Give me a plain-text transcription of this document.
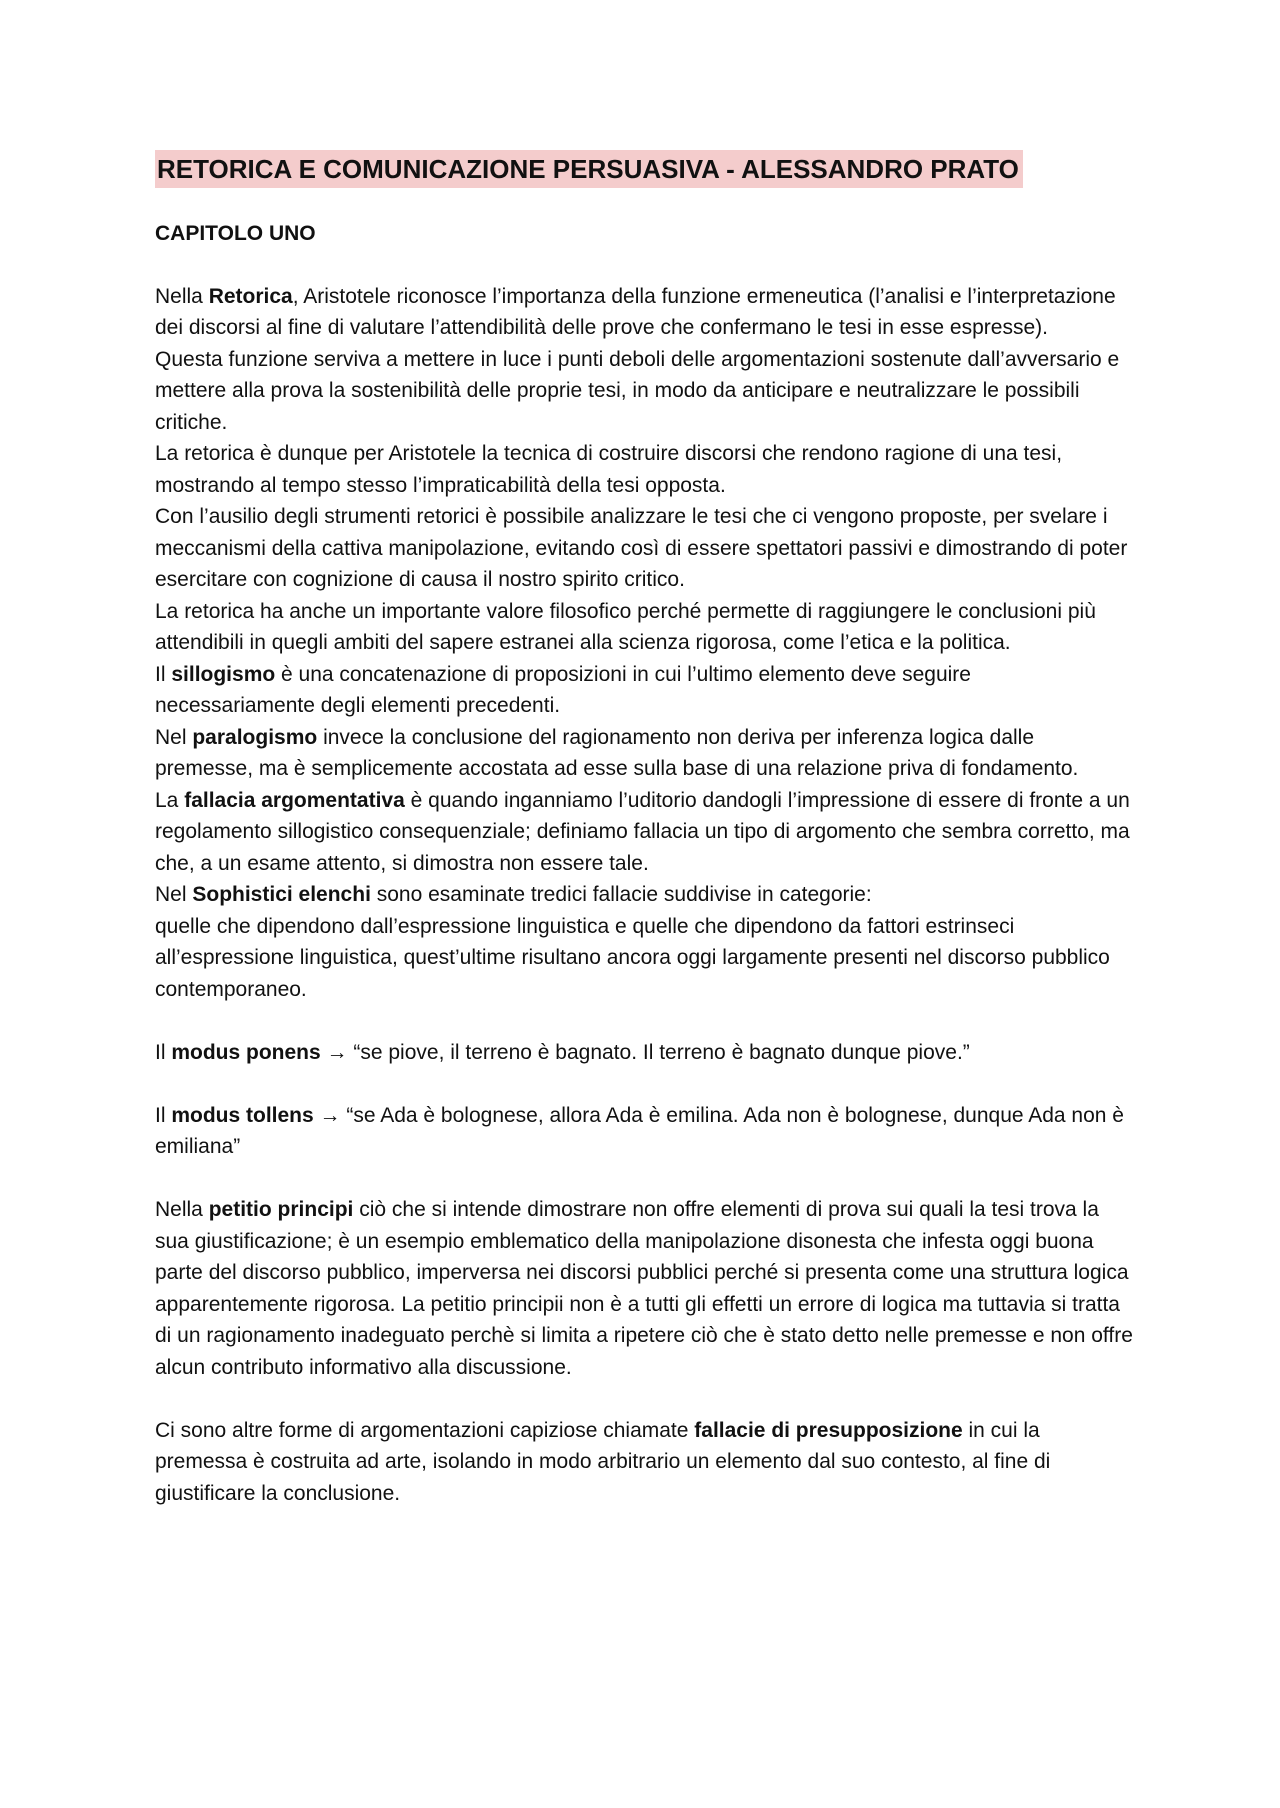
RETORICA E COMUNICAZIONE PERSUASIVA - ALESSANDRO PRATO
CAPITOLO UNO

Nella Retorica, Aristotele riconosce l’importanza della funzione ermeneutica (l’analisi e l’interpretazione dei discorsi al fine di valutare l’attendibilità delle prove che confermano le tesi in esse espresse).

Questa funzione serviva a mettere in luce i punti deboli delle argomentazioni sostenute dall’avversario e mettere alla prova la sostenibilità delle proprie tesi, in modo da anticipare e neutralizzare le possibili critiche.

La retorica è dunque per Aristotele la tecnica di costruire discorsi che rendono ragione di una tesi, mostrando al tempo stesso l’impraticabilità della tesi opposta.

Con l’ausilio degli strumenti retorici è possibile analizzare le tesi che ci vengono proposte, per svelare i meccanismi della cattiva manipolazione, evitando così di essere spettatori passivi e dimostrando di poter esercitare con cognizione di causa il nostro spirito critico.

La retorica ha anche un importante valore filosofico perché permette di raggiungere le conclusioni più attendibili in quegli ambiti del sapere estranei alla scienza rigorosa, come l’etica e la politica.

Il sillogismo è una concatenazione di proposizioni in cui l’ultimo elemento deve seguire necessariamente degli elementi precedenti.

Nel paralogismo invece la conclusione del ragionamento non deriva per inferenza logica dalle premesse, ma è semplicemente accostata ad esse sulla base di una relazione priva di fondamento.

La fallacia argomentativa è quando inganniamo l’uditorio dandogli l’impressione di essere di fronte a un regolamento sillogistico consequenziale; definiamo fallacia un tipo di argomento che sembra corretto, ma che, a un esame attento, si dimostra non essere tale.

Nel Sophistici elenchi sono esaminate tredici fallacie suddivise in categorie:

quelle che dipendono dall’espressione linguistica e quelle che dipendono da fattori estrinseci all’espressione linguistica, quest’ultime risultano ancora oggi largamente presenti nel discorso pubblico contemporaneo.

Il modus ponens → “se piove, il terreno è bagnato. Il terreno è bagnato dunque piove.”

Il modus tollens → “se Ada è bolognese, allora Ada è emilina. Ada non è bolognese, dunque Ada non è emiliana”

Nella petitio principi ciò che si intende dimostrare non offre elementi di prova sui quali la tesi trova la sua giustificazione; è un esempio emblematico della manipolazione disonesta che infesta oggi buona parte del discorso pubblico, imperversa nei discorsi pubblici perché si presenta come una struttura logica apparentemente rigorosa. La petitio principii non è a tutti gli effetti un errore di logica ma tuttavia si tratta di un ragionamento inadeguato perchè si limita a ripetere ciò che è stato detto nelle premesse e non offre alcun contributo informativo alla discussione.

Ci sono altre forme di argomentazioni capiziose chiamate fallacie di presupposizione in cui la premessa è costruita ad arte, isolando in modo arbitrario un elemento dal suo contesto, al fine di giustificare la conclusione.
